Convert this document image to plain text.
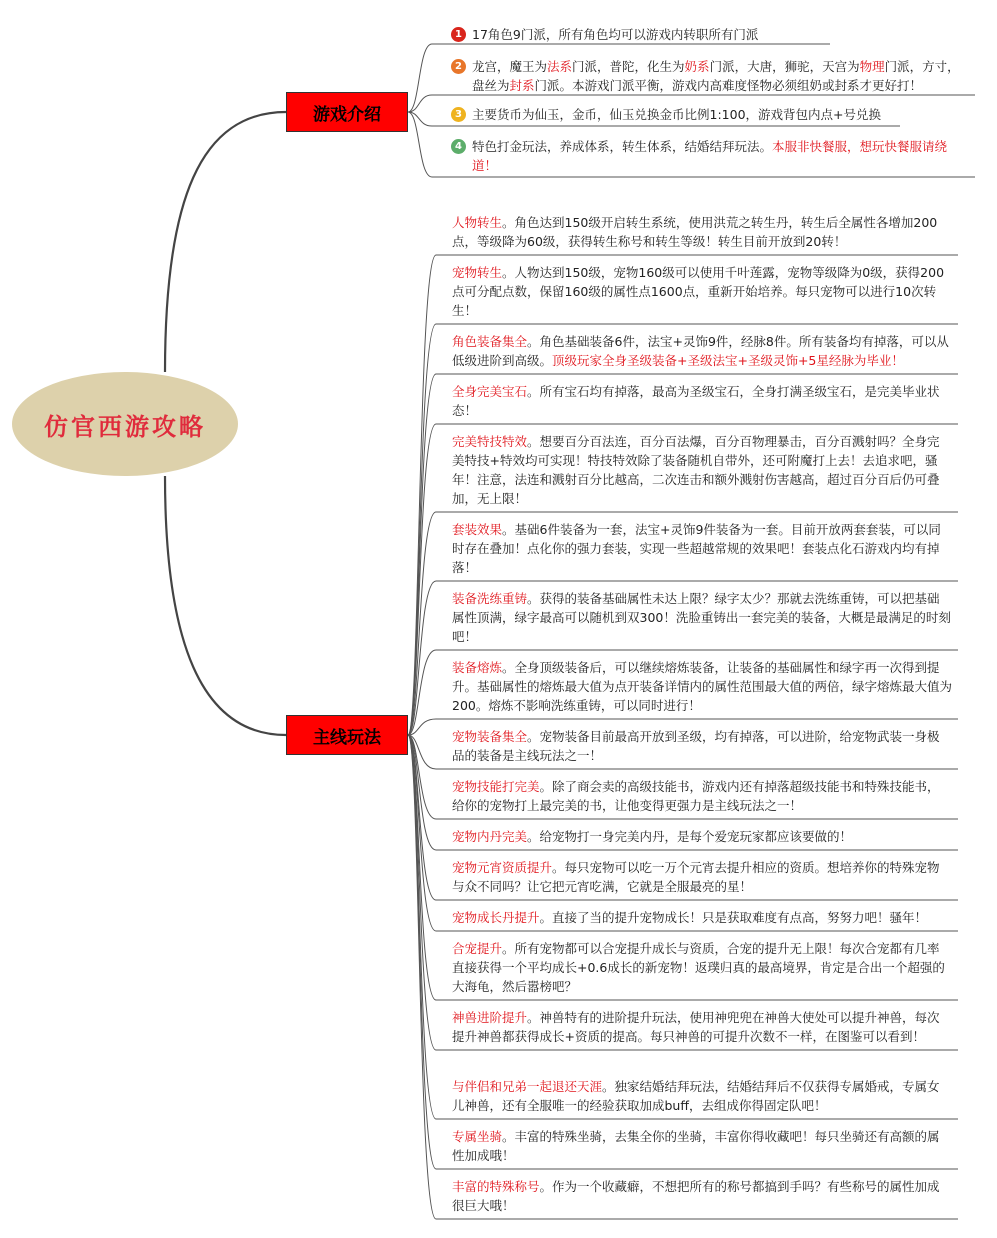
仿官西游攻略
游戏介绍
主线玩法
17角色9门派，所有角色均可以游戏内转职所有门派
1
龙宫，魔王为法系门派，普陀，化生为奶系门派，大唐，狮驼，天宫为物理门派，方寸，盘丝为封系门派。本游戏门派平衡，游戏内高难度怪物必须组奶或封系才更好打！
2
主要货币为仙玉，金币，仙玉兑换金币比例1:100，游戏背包内点+号兑换
3
特色打金玩法，养成体系，转生体系，结婚结拜玩法。本服非快餐服，想玩快餐服请绕道！
4
人物转生。角色达到150级开启转生系统，使用洪荒之转生丹，转生后全属性各增加200点，等级降为60级，获得转生称号和转生等级！转生目前开放到20转！
宠物转生。人物达到150级，宠物160级可以使用千叶莲露，宠物等级降为0级，获得200点可分配点数，保留160级的属性点1600点，重新开始培养。每只宠物可以进行10次转生！
角色装备集全。角色基础装备6件，法宝+灵饰9件，经脉8件。所有装备均有掉落，可以从低级进阶到高级。顶级玩家全身圣级装备+圣级法宝+圣级灵饰+5星经脉为毕业！
全身完美宝石。所有宝石均有掉落，最高为圣级宝石，全身打满圣级宝石，是完美毕业状态！
完美特技特效。想要百分百法连，百分百法爆，百分百物理暴击，百分百溅射吗？全身完美特技+特效均可实现！特技特效除了装备随机自带外，还可附魔打上去！去追求吧，骚年！注意，法连和溅射百分比越高，二次连击和额外溅射伤害越高，超过百分百后仍可叠加，无上限！
套装效果。基础6件装备为一套，法宝+灵饰9件装备为一套。目前开放两套套装，可以同时存在叠加！点化你的强力套装，实现一些超越常规的效果吧！套装点化石游戏内均有掉落！
装备洗练重铸。获得的装备基础属性未达上限？绿字太少？那就去洗练重铸，可以把基础属性顶满，绿字最高可以随机到双300！洗脸重铸出一套完美的装备，大概是最满足的时刻吧！
装备熔炼。全身顶级装备后，可以继续熔炼装备，让装备的基础属性和绿字再一次得到提升。基础属性的熔炼最大值为点开装备详情内的属性范围最大值的两倍，绿字熔炼最大值为200。熔炼不影响洗练重铸，可以同时进行！
宠物装备集全。宠物装备目前最高开放到圣级，均有掉落，可以进阶，给宠物武装一身极品的装备是主线玩法之一！
宠物技能打完美。除了商会卖的高级技能书，游戏内还有掉落超级技能书和特殊技能书，给你的宠物打上最完美的书，让他变得更强力是主线玩法之一！
宠物内丹完美。给宠物打一身完美内丹，是每个爱宠玩家都应该要做的！
宠物元宵资质提升。每只宠物可以吃一万个元宵去提升相应的资质。想培养你的特殊宠物与众不同吗？让它把元宵吃满，它就是全服最亮的星！
宠物成长丹提升。直接了当的提升宠物成长！只是获取难度有点高，努努力吧！骚年！
合宠提升。所有宠物都可以合宠提升成长与资质，合宠的提升无上限！每次合宠都有几率直接获得一个平均成长+0.6成长的新宠物！返璞归真的最高境界，肯定是合出一个超强的大海龟，然后嚣榜吧？
神兽进阶提升。神兽特有的进阶提升玩法，使用神兜兜在神兽大使处可以提升神兽，每次提升神兽都获得成长+资质的提高。每只神兽的可提升次数不一样，在图鉴可以看到！
与伴侣和兄弟一起退还天涯。独家结婚结拜玩法，结婚结拜后不仅获得专属婚戒，专属女儿神兽，还有全服唯一的经验获取加成buff，去组成你得固定队吧！
专属坐骑。丰富的特殊坐骑，去集全你的坐骑，丰富你得收藏吧！每只坐骑还有高额的属性加成哦！
丰富的特殊称号。作为一个收藏癖，不想把所有的称号都搞到手吗？有些称号的属性加成很巨大哦！
